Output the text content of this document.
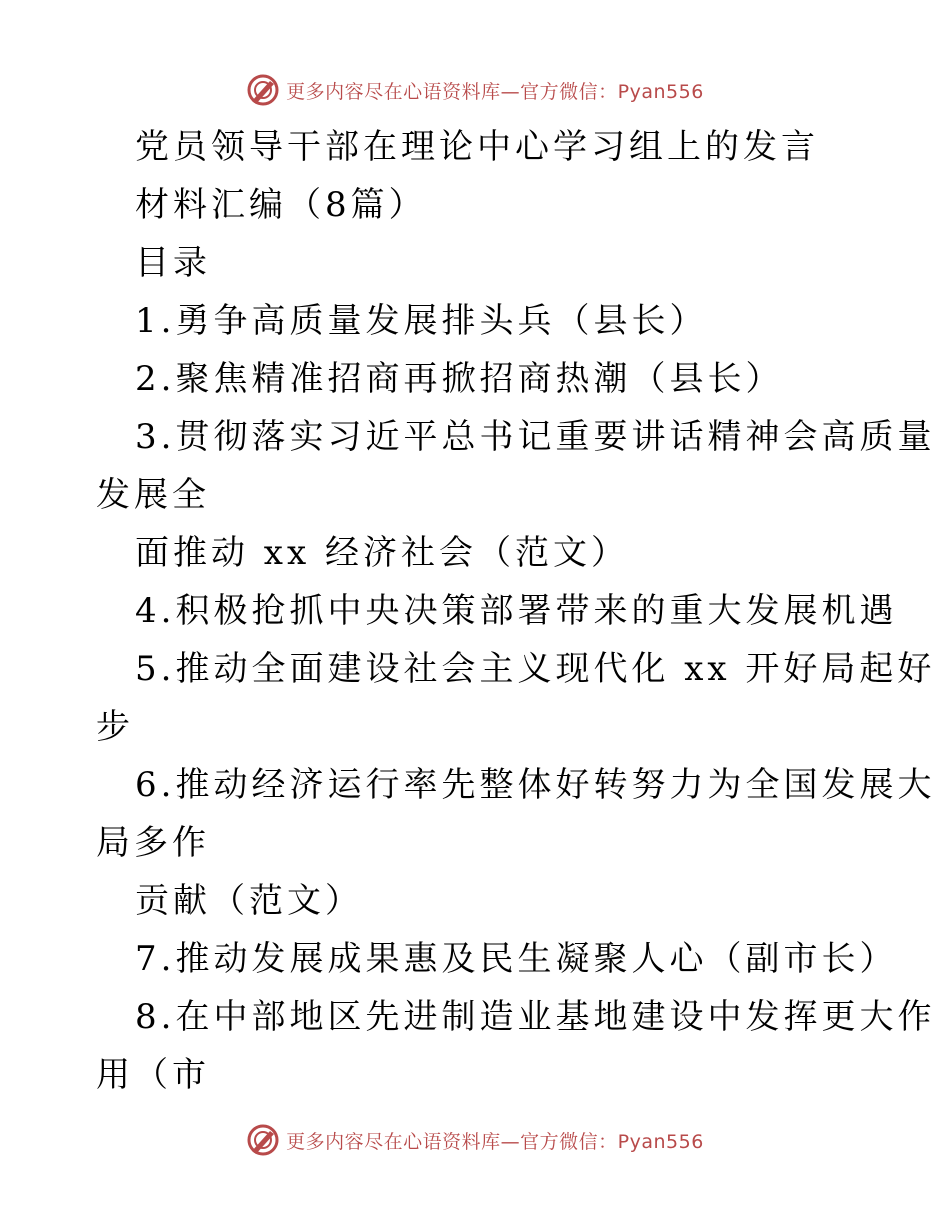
更多内容尽在心语资料库—官方微信：Pyan556
党员领导干部在理论中心学习组上的发言
材料汇编（8篇）
目录
1.勇争高质量发展排头兵（县长）
2.聚焦精准招商再掀招商热潮（县长）
3.贯彻落实习近平总书记重要讲话精神会高质量
发展全
面推动 xx 经济社会（范文）
4.积极抢抓中央决策部署带来的重大发展机遇
5.推动全面建设社会主义现代化 xx 开好局起好
步
6.推动经济运行率先整体好转努力为全国发展大
局多作
贡献（范文）
7.推动发展成果惠及民生凝聚人心（副市长）
8.在中部地区先进制造业基地建设中发挥更大作
用（市
更多内容尽在心语资料库—官方微信：Pyan556
